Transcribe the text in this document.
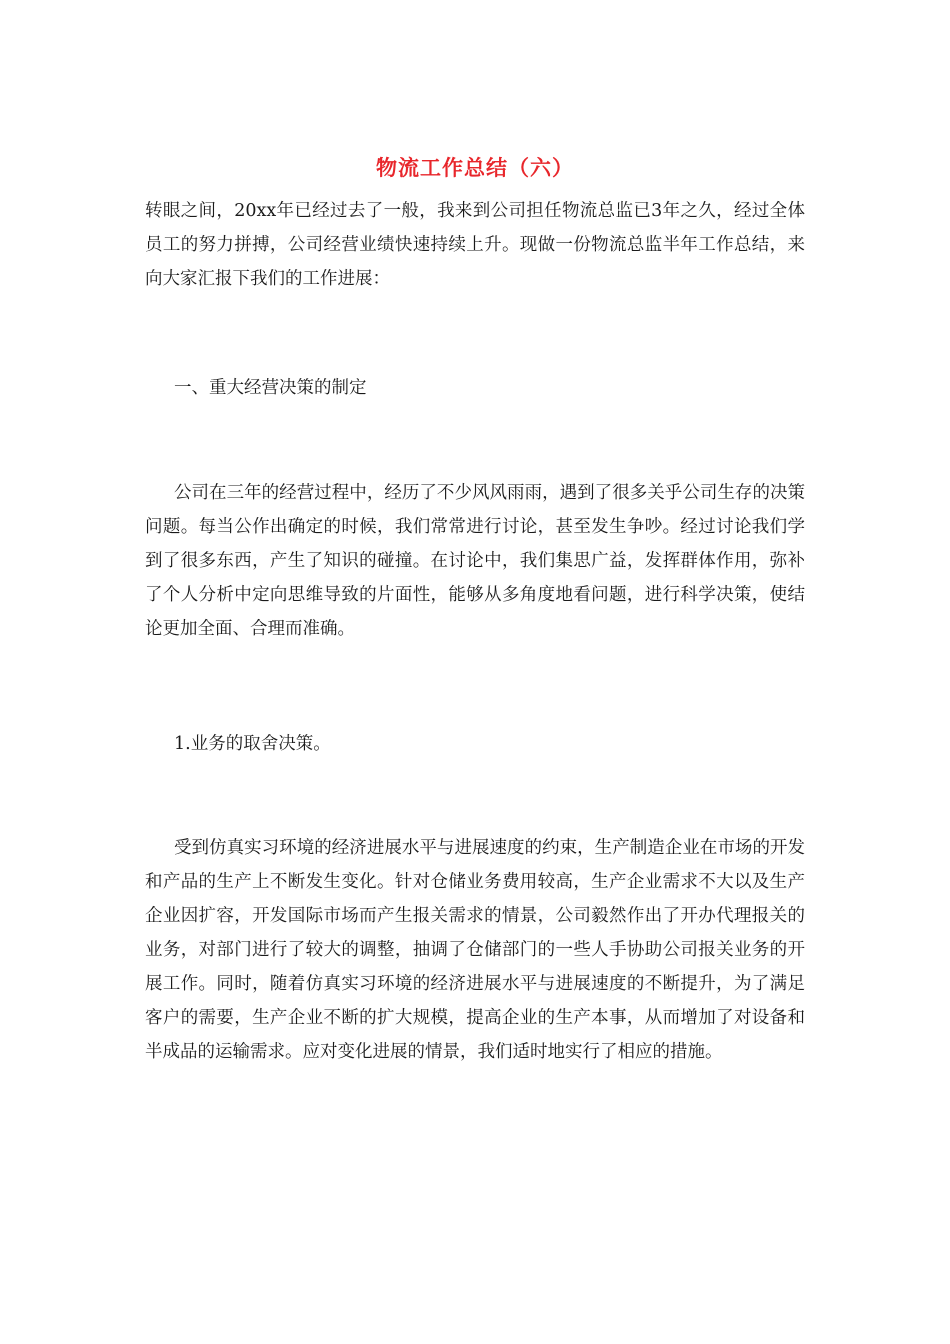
物流工作总结（六）

转眼之间，20xx年已经过去了一般，我来到公司担任物流总监已3年之久，经过全体员工的努力拼搏，公司经营业绩快速持续上升。现做一份物流总监半年工作总结，来向大家汇报下我们的工作进展：

一、重大经营决策的制定

公司在三年的经营过程中，经历了不少风风雨雨，遇到了很多关乎公司生存的决策问题。每当公作出确定的时候，我们常常进行讨论，甚至发生争吵。经过讨论我们学到了很多东西，产生了知识的碰撞。在讨论中，我们集思广益，发挥群体作用，弥补了个人分析中定向思维导致的片面性，能够从多角度地看问题，进行科学决策，使结论更加全面、合理而准确。

1.业务的取舍决策。

受到仿真实习环境的经济进展水平与进展速度的约束，生产制造企业在市场的开发和产品的生产上不断发生变化。针对仓储业务费用较高，生产企业需求不大以及生产企业因扩容，开发国际市场而产生报关需求的情景，公司毅然作出了开办代理报关的业务，对部门进行了较大的调整，抽调了仓储部门的一些人手协助公司报关业务的开展工作。同时，随着仿真实习环境的经济进展水平与进展速度的不断提升，为了满足客户的需要，生产企业不断的扩大规模，提高企业的生产本事，从而增加了对设备和半成品的运输需求。应对变化进展的情景，我们适时地实行了相应的措施。
